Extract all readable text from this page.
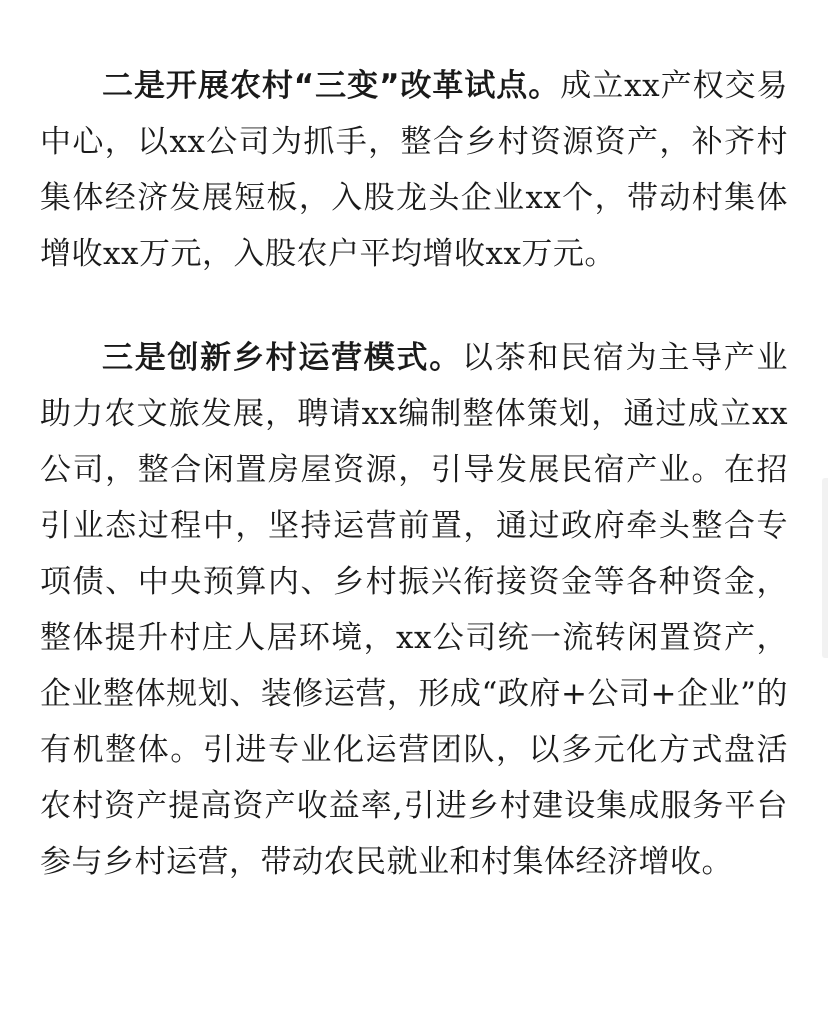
二是开展农村“三变”改革试点。成立xx产权交易中心，以xx公司为抓手，整合乡村资源资产，补齐村集体经济发展短板，入股龙头企业xx个，带动村集体增收xx万元，入股农户平均增收xx万元。

三是创新乡村运营模式。以茶和民宿为主导产业助力农文旅发展，聘请xx编制整体策划，通过成立xx公司，整合闲置房屋资源，引导发展民宿产业。在招引业态过程中，坚持运营前置，通过政府牵头整合专项债、中央预算内、乡村振兴衔接资金等各种资金，整体提升村庄人居环境，xx公司统一流转闲置资产，企业整体规划、装修运营，形成“政府+公司+企业”的有机整体。引进专业化运营团队，以多元化方式盘活农村资产提高资产收益率,引进乡村建设集成服务平台参与乡村运营，带动农民就业和村集体经济增收。
